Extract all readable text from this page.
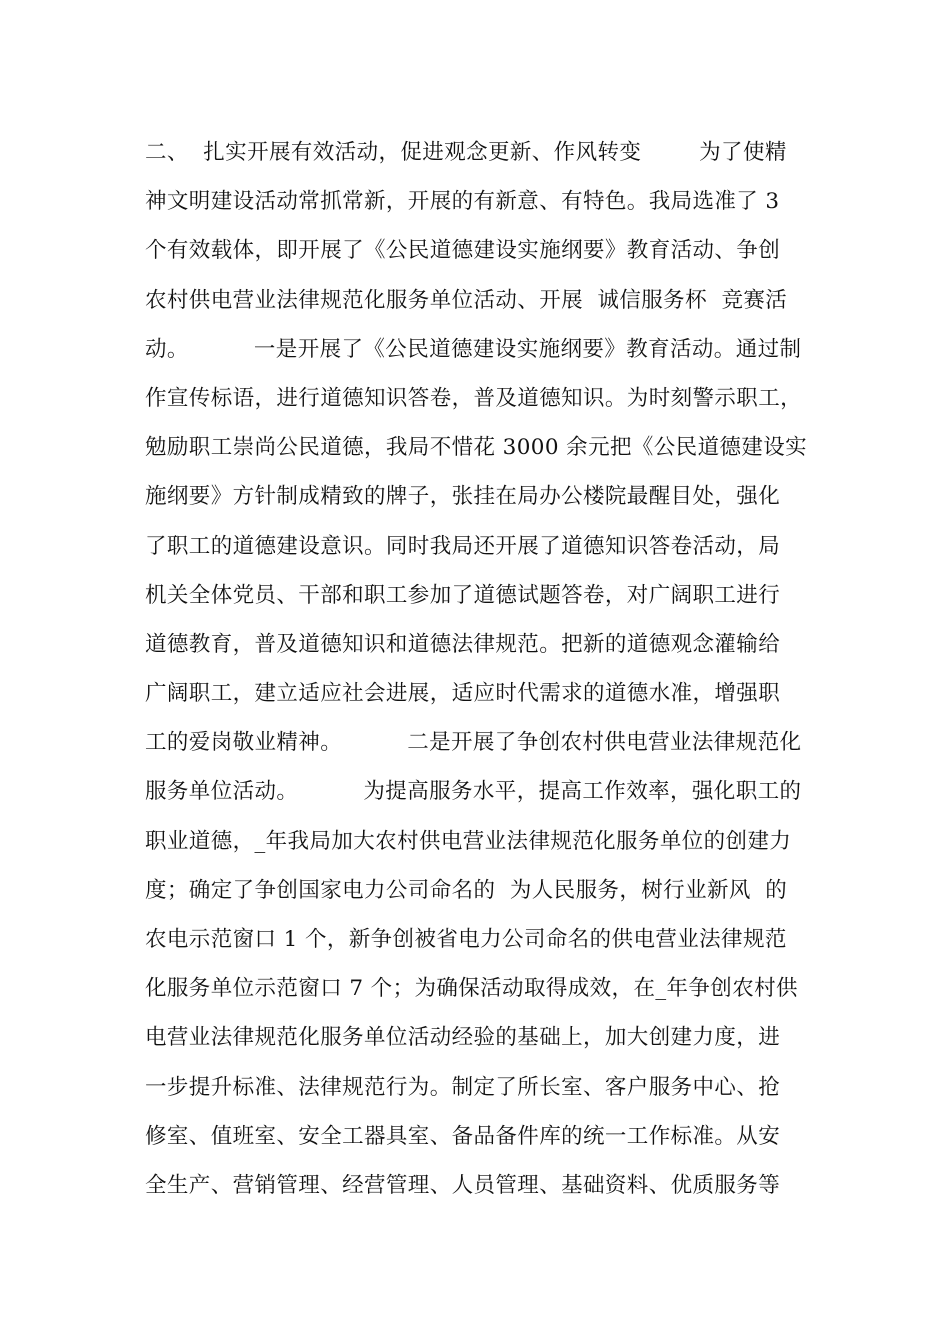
二、  扎实开展有效活动，促进观念更新、作风转变        为了使精
神文明建设活动常抓常新，开展的有新意、有特色。我局选准了 3
个有效载体，即开展了《公民道德建设实施纲要》教育活动、争创
农村供电营业法律规范化服务单位活动、开展  诚信服务杯  竞赛活
动。         一是开展了《公民道德建设实施纲要》教育活动。通过制
作宣传标语，进行道德知识答卷，普及道德知识。为时刻警示职工，
勉励职工崇尚公民道德，我局不惜花 3000 余元把《公民道德建设实
施纲要》方针制成精致的牌子，张挂在局办公楼院最醒目处，强化
了职工的道德建设意识。同时我局还开展了道德知识答卷活动，局
机关全体党员、干部和职工参加了道德试题答卷，对广阔职工进行
道德教育，普及道德知识和道德法律规范。把新的道德观念灌输给
广阔职工，建立适应社会进展，适应时代需求的道德水准，增强职
工的爱岗敬业精神。         二是开展了争创农村供电营业法律规范化
服务单位活动。         为提高服务水平，提高工作效率，强化职工的
职业道德，_年我局加大农村供电营业法律规范化服务单位的创建力
度；确定了争创国家电力公司命名的  为人民服务，树行业新风  的
农电示范窗口 1 个，新争创被省电力公司命名的供电营业法律规范
化服务单位示范窗口 7 个；为确保活动取得成效，在_年争创农村供
电营业法律规范化服务单位活动经验的基础上，加大创建力度，进
一步提升标准、法律规范行为。制定了所长室、客户服务中心、抢
修室、值班室、安全工器具室、备品备件库的统一工作标准。从安
全生产、营销管理、经营管理、人员管理、基础资料、优质服务等
